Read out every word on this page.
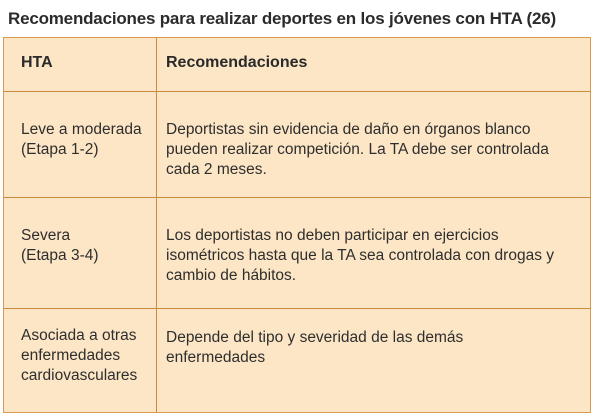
Recomendaciones para realizar deportes en los jóvenes con HTA (26)
HTA	Recomendaciones
Leve a moderada
(Etapa 1-2)
Deportistas sin evidencia de daño en órganos blanco
pueden realizar competición. La TA debe ser controlada
cada 2 meses.
Severa
(Etapa 3-4)
Los deportistas no deben participar en ejercicios
isométricos hasta que la TA sea controlada con drogas y
cambio de hábitos.
Asociada a otras
enfermedades
cardiovasculares
Depende del tipo y severidad de las demás
enfermedades
